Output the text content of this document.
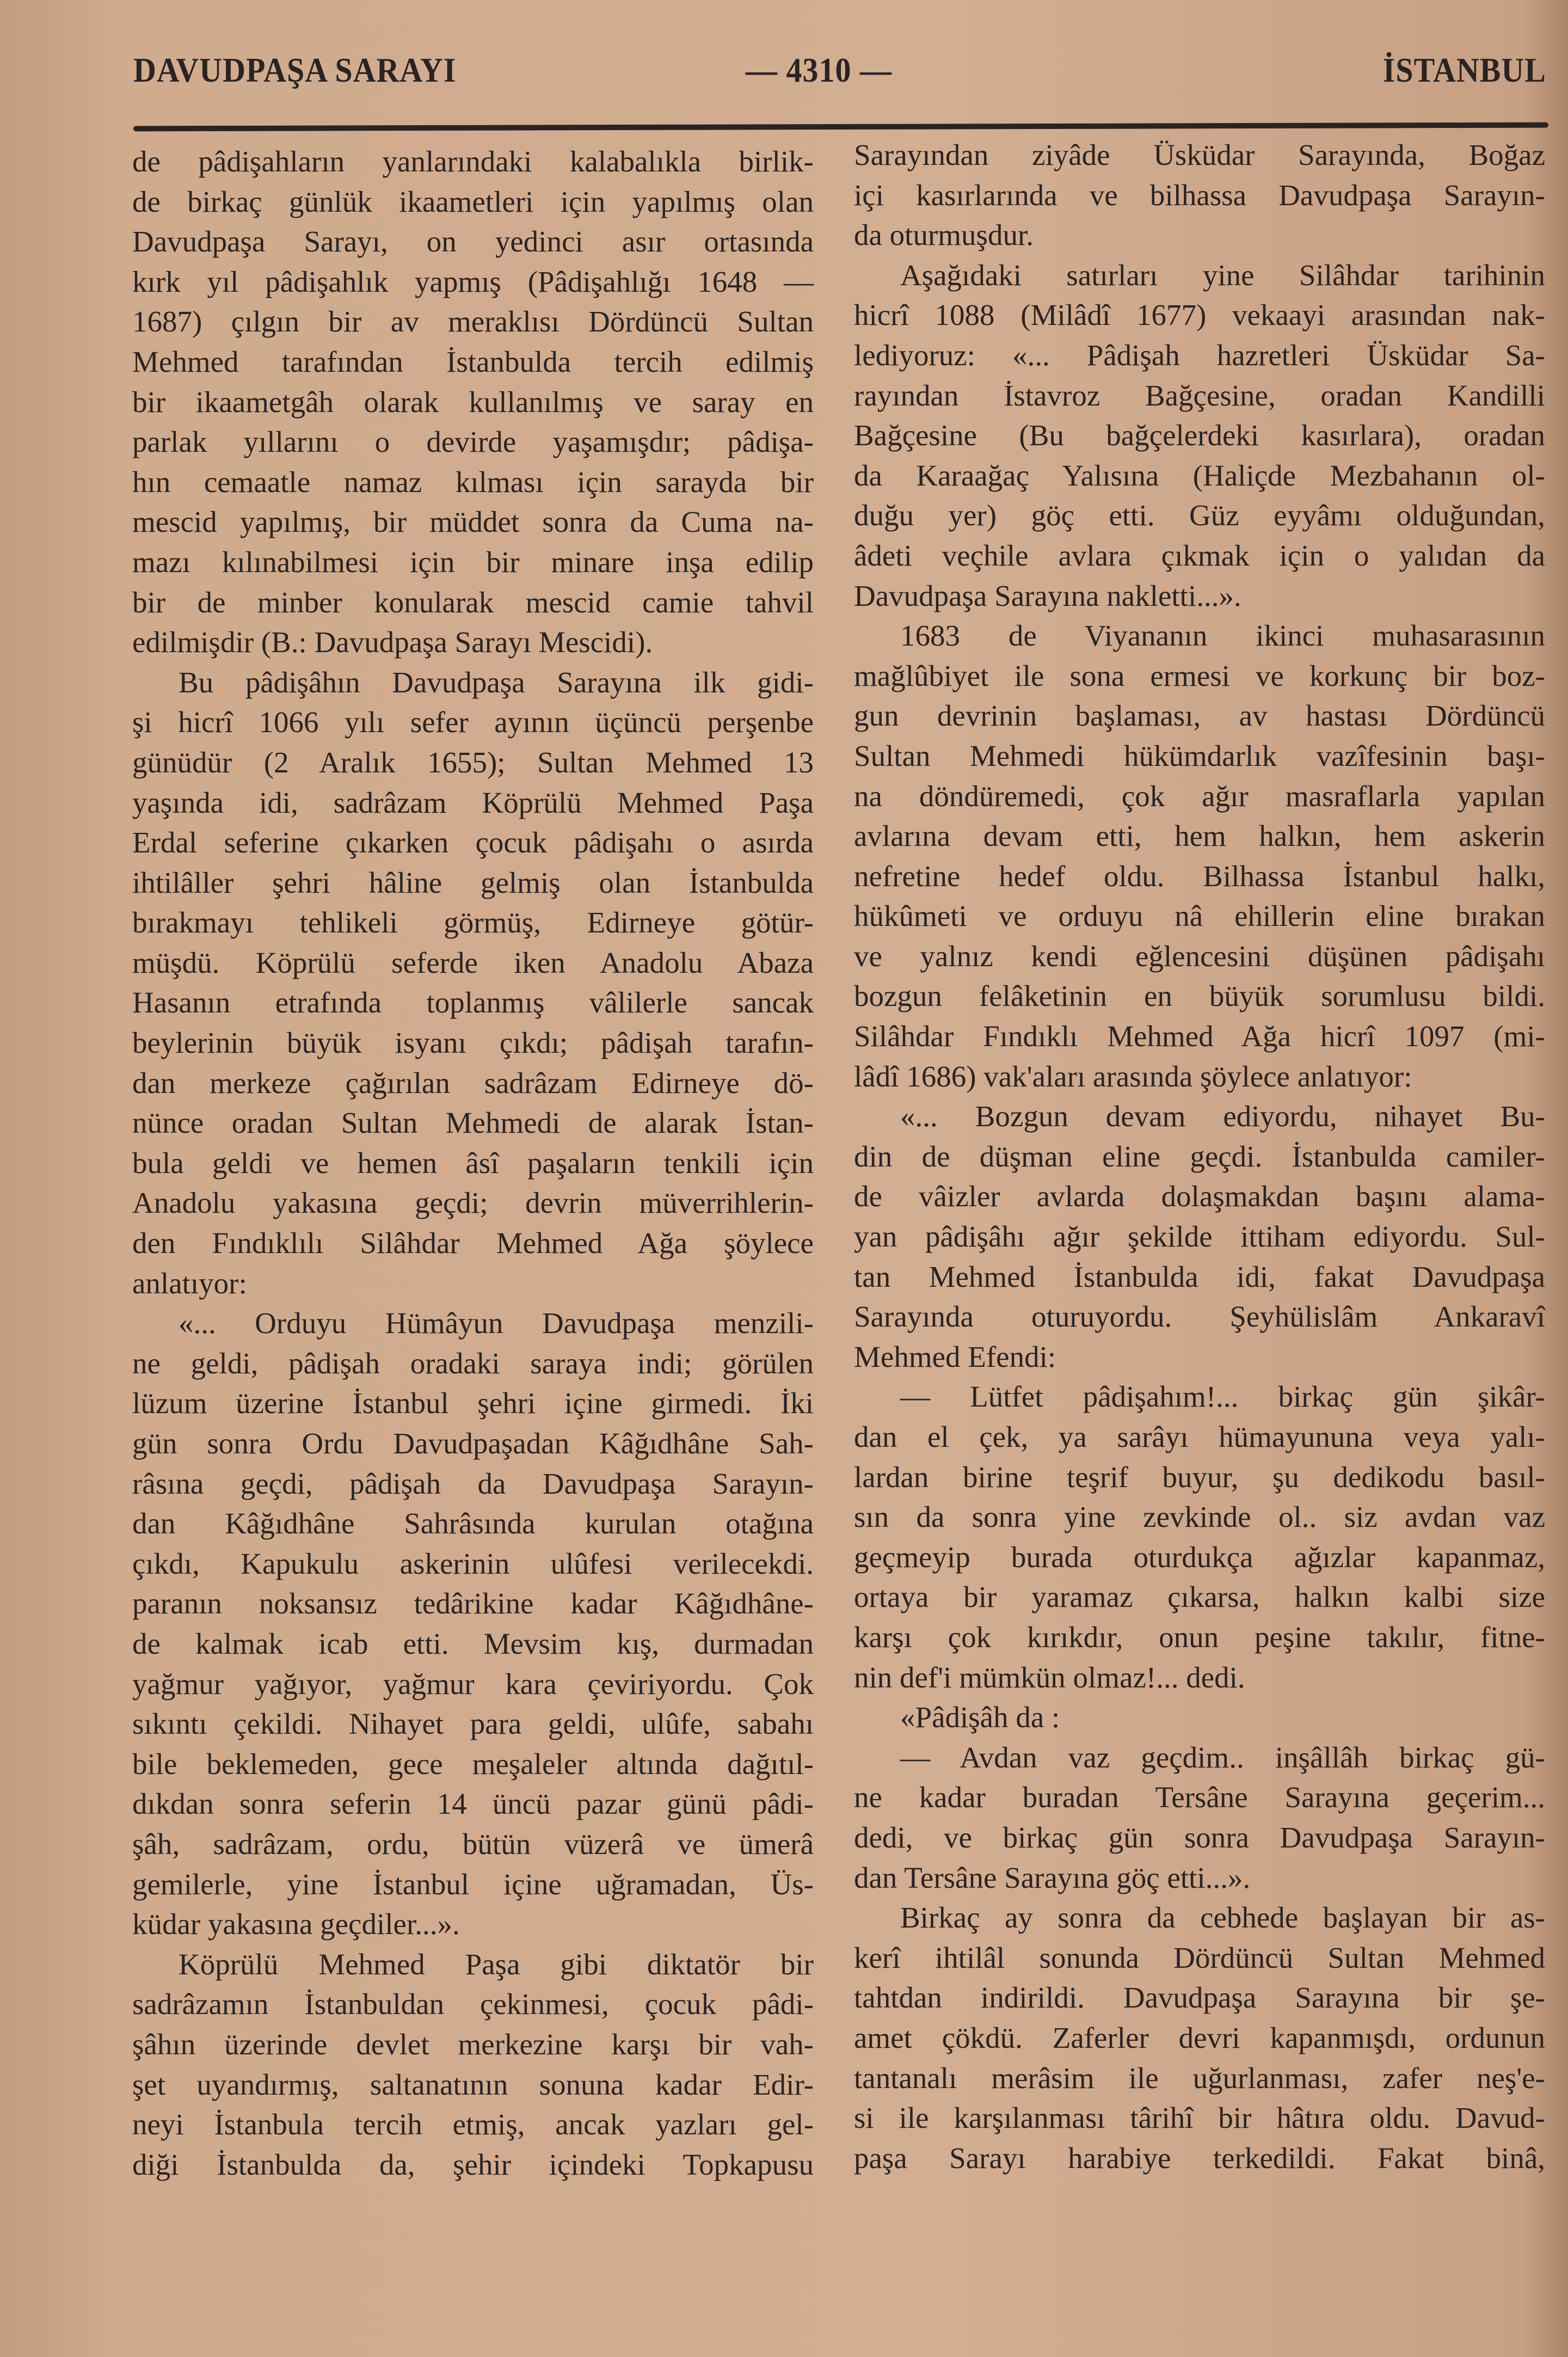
DAVUDPAŞA SARAYI	— 4310 —	İSTANBUL
de pâdişahların yanlarındaki kalabalıkla birlik-
de birkaç günlük ikaametleri için yapılmış olan
Davudpaşa Sarayı, on yedinci asır ortasında
kırk yıl pâdişahlık yapmış (Pâdişahlığı 1648 —
1687) çılgın bir av meraklısı Dördüncü Sultan
Mehmed tarafından İstanbulda tercih edilmiş
bir ikaametgâh olarak kullanılmış ve saray en
parlak yıllarını o devirde yaşamışdır; pâdişa-
hın cemaatle namaz kılması için sarayda bir
mescid yapılmış, bir müddet sonra da Cuma na-
mazı kılınabilmesi için bir minare inşa edilip
bir de minber konularak mescid camie tahvil
edilmişdir (B.: Davudpaşa Sarayı Mescidi).
Bu pâdişâhın Davudpaşa Sarayına ilk gidi-
şi hicrî 1066 yılı sefer ayının üçüncü perşenbe
günüdür (2 Aralık 1655); Sultan Mehmed 13
yaşında idi, sadrâzam Köprülü Mehmed Paşa
Erdal seferine çıkarken çocuk pâdişahı o asırda
ihtilâller şehri hâline gelmiş olan İstanbulda
bırakmayı tehlikeli görmüş, Edirneye götür-
müşdü. Köprülü seferde iken Anadolu Abaza
Hasanın etrafında toplanmış vâlilerle sancak
beylerinin büyük isyanı çıkdı; pâdişah tarafın-
dan merkeze çağırılan sadrâzam Edirneye dö-
nünce oradan Sultan Mehmedi de alarak İstan-
bula geldi ve hemen âsî paşaların tenkili için
Anadolu yakasına geçdi; devrin müverrihlerin-
den Fındıklılı Silâhdar Mehmed Ağa şöylece
anlatıyor:
«... Orduyu Hümâyun Davudpaşa menzili-
ne geldi, pâdişah oradaki saraya indi; görülen
lüzum üzerine İstanbul şehri içine girmedi. İki
gün sonra Ordu Davudpaşadan Kâğıdhâne Sah-
râsına geçdi, pâdişah da Davudpaşa Sarayın-
dan Kâğıdhâne Sahrâsında kurulan otağına
çıkdı, Kapukulu askerinin ulûfesi verilecekdi.
paranın noksansız tedârikine kadar Kâğıdhâne-
de kalmak icab etti. Mevsim kış, durmadan
yağmur yağıyor, yağmur kara çeviriyordu. Çok
sıkıntı çekildi. Nihayet para geldi, ulûfe, sabahı
bile beklemeden, gece meşaleler altında dağıtıl-
dıkdan sonra seferin 14 üncü pazar günü pâdi-
şâh, sadrâzam, ordu, bütün vüzerâ ve ümerâ
gemilerle, yine İstanbul içine uğramadan, Üs-
küdar yakasına geçdiler...».
Köprülü Mehmed Paşa gibi diktatör bir
sadrâzamın İstanbuldan çekinmesi, çocuk pâdi-
şâhın üzerinde devlet merkezine karşı bir vah-
şet uyandırmış, saltanatının sonuna kadar Edir-
neyi İstanbula tercih etmiş, ancak yazları gel-
diği İstanbulda da, şehir içindeki Topkapusu
Sarayından ziyâde Üsküdar Sarayında, Boğaz
içi kasırlarında ve bilhassa Davudpaşa Sarayın-
da oturmuşdur.
Aşağıdaki satırları yine Silâhdar tarihinin
hicrî 1088 (Milâdî 1677) vekaayi arasından nak-
lediyoruz: «... Pâdişah hazretleri Üsküdar Sa-
rayından İstavroz Bağçesine, oradan Kandilli
Bağçesine (Bu bağçelerdeki kasırlara), oradan
da Karaağaç Yalısına (Haliçde Mezbahanın ol-
duğu yer) göç etti. Güz eyyâmı olduğundan,
âdeti veçhile avlara çıkmak için o yalıdan da
Davudpaşa Sarayına nakletti...».
1683 de Viyananın ikinci muhasarasının
mağlûbiyet ile sona ermesi ve korkunç bir boz-
gun devrinin başlaması, av hastası Dördüncü
Sultan Mehmedi hükümdarlık vazîfesinin başı-
na döndüremedi, çok ağır masraflarla yapılan
avlarına devam etti, hem halkın, hem askerin
nefretine hedef oldu. Bilhassa İstanbul halkı,
hükûmeti ve orduyu nâ ehillerin eline bırakan
ve yalnız kendi eğlencesini düşünen pâdişahı
bozgun felâketinin en büyük sorumlusu bildi.
Silâhdar Fındıklı Mehmed Ağa hicrî 1097 (mi-
lâdî 1686) vak'aları arasında şöylece anlatıyor:
«... Bozgun devam ediyordu, nihayet Bu-
din de düşman eline geçdi. İstanbulda camiler-
de vâizler avlarda dolaşmakdan başını alama-
yan pâdişâhı ağır şekilde ittiham ediyordu. Sul-
tan Mehmed İstanbulda idi, fakat Davudpaşa
Sarayında oturuyordu. Şeyhülislâm Ankaravî
Mehmed Efendi:
— Lütfet pâdişahım!... birkaç gün şikâr-
dan el çek, ya sarâyı hümayununa veya yalı-
lardan birine teşrif buyur, şu dedikodu basıl-
sın da sonra yine zevkinde ol.. siz avdan vaz
geçmeyip burada oturdukça ağızlar kapanmaz,
ortaya bir yaramaz çıkarsa, halkın kalbi size
karşı çok kırıkdır, onun peşine takılır, fitne-
nin def'i mümkün olmaz!... dedi.
«Pâdişâh da :
— Avdan vaz geçdim.. inşâllâh birkaç gü-
ne kadar buradan Tersâne Sarayına geçerim...
dedi, ve birkaç gün sonra Davudpaşa Sarayın-
dan Tersâne Sarayına göç etti...».
Birkaç ay sonra da cebhede başlayan bir as-
kerî ihtilâl sonunda Dördüncü Sultan Mehmed
tahtdan indirildi. Davudpaşa Sarayına bir şe-
amet çökdü. Zaferler devri kapanmışdı, ordunun
tantanalı merâsim ile uğurlanması, zafer neş'e-
si ile karşılanması târihî bir hâtıra oldu. Davud-
paşa Sarayı harabiye terkedildi. Fakat binâ,
